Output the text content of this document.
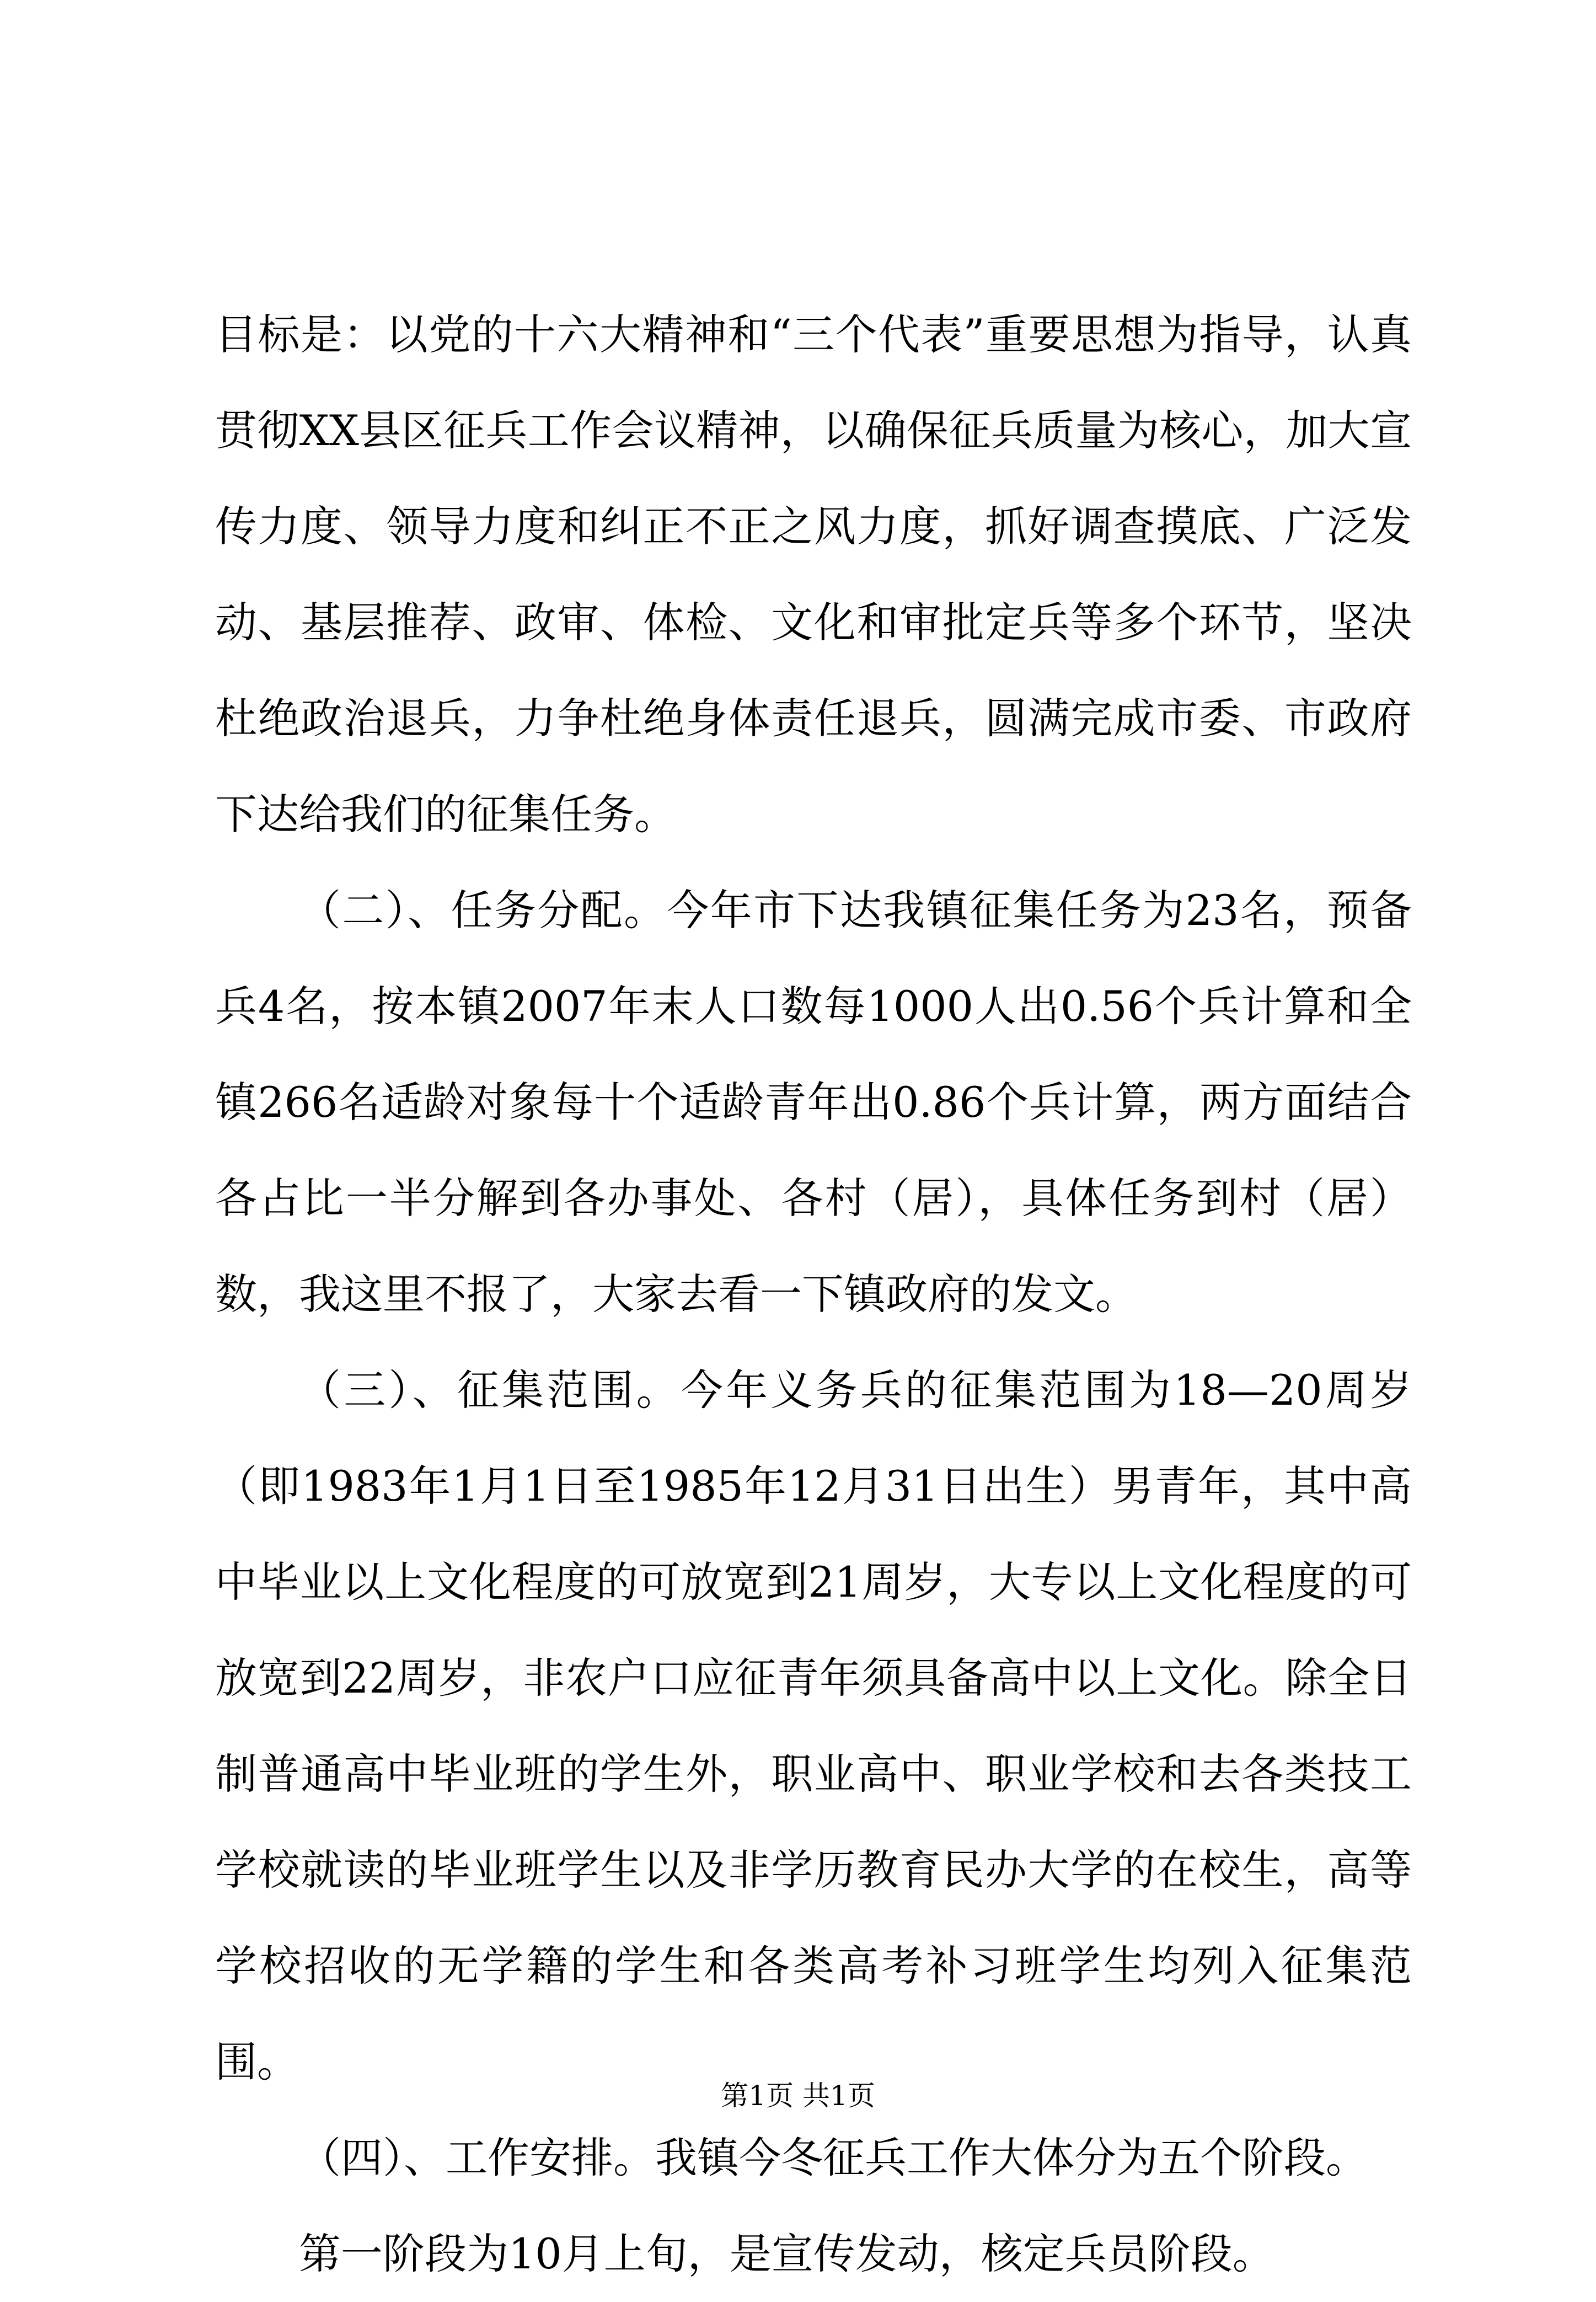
目标是：以党的十六大精神和“三个代表”重要思想为指导，认真贯彻XX县区征兵工作会议精神，以确保征兵质量为核心，加大宣传力度、领导力度和纠正不正之风力度，抓好调查摸底、广泛发动、基层推荐、政审、体检、文化和审批定兵等多个环节，坚决杜绝政治退兵，力争杜绝身体责任退兵，圆满完成市委、市政府下达给我们的征集任务。

（二）、任务分配。今年市下达我镇征集任务为23名，预备兵4名，按本镇2007年末人口数每1000人出0.56个兵计算和全镇266名适龄对象每十个适龄青年出0.86个兵计算，两方面结合各占比一半分解到各办事处、各村（居），具体任务到村（居）数，我这里不报了，大家去看一下镇政府的发文。

（三）、征集范围。今年义务兵的征集范围为18—20周岁（即1983年1月1日至1985年12月31日出生）男青年，其中高中毕业以上文化程度的可放宽到21周岁，大专以上文化程度的可放宽到22周岁，非农户口应征青年须具备高中以上文化。除全日制普通高中毕业班的学生外，职业高中、职业学校和去各类技工学校就读的毕业班学生以及非学历教育民办大学的在校生，高等学校招收的无学籍的学生和各类高考补习班学生均列入征集范围。

（四）、工作安排。我镇今冬征兵工作大体分为五个阶段。

第一阶段为10月上旬，是宣传发动，核定兵员阶段。

第1页 共1页
